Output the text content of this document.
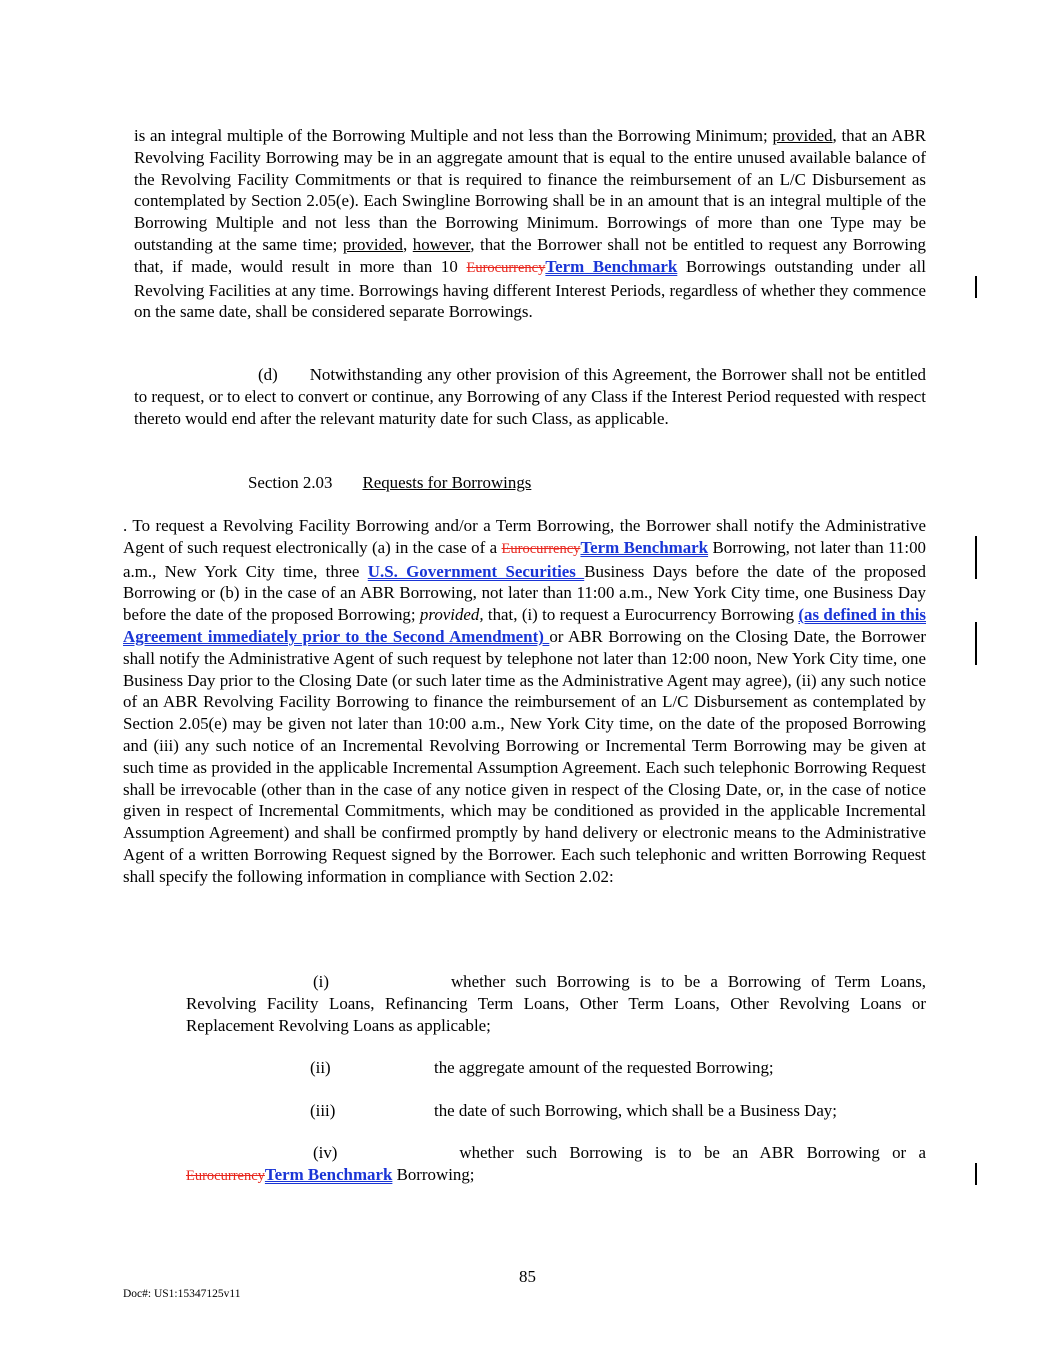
is an integral multiple of the Borrowing Multiple and not less than the Borrowing Minimum; provided, that an ABR Revolving Facility Borrowing may be in an aggregate amount that is equal to the entire unused available balance of the Revolving Facility Commitments or that is required to finance the reimbursement of an L/C Disbursement as contemplated by Section 2.05(e). Each Swingline Borrowing shall be in an amount that is an integral multiple of the Borrowing Multiple and not less than the Borrowing Minimum. Borrowings of more than one Type may be outstanding at the same time; provided, however, that the Borrower shall not be entitled to request any Borrowing that, if made, would result in more than 10 EurocurrencyTerm Benchmark Borrowings outstanding under all Revolving Facilities at any time. Borrowings having different Interest Periods, regardless of whether they commence on the same date, shall be considered separate Borrowings.
(d) Notwithstanding any other provision of this Agreement, the Borrower shall not be entitled to request, or to elect to convert or continue, any Borrowing of any Class if the Interest Period requested with respect thereto would end after the relevant maturity date for such Class, as applicable.
Section 2.03 Requests for Borrowings
. To request a Revolving Facility Borrowing and/or a Term Borrowing, the Borrower shall notify the Administrative Agent of such request electronically (a) in the case of a EurocurrencyTerm Benchmark Borrowing, not later than 11:00 a.m., New York City time, three U.S. Government Securities Business Days before the date of the proposed Borrowing or (b) in the case of an ABR Borrowing, not later than 11:00 a.m., New York City time, one Business Day before the date of the proposed Borrowing; provided, that, (i) to request a Eurocurrency Borrowing (as defined in this Agreement immediately prior to the Second Amendment) or ABR Borrowing on the Closing Date, the Borrower shall notify the Administrative Agent of such request by telephone not later than 12:00 noon, New York City time, one Business Day prior to the Closing Date (or such later time as the Administrative Agent may agree), (ii) any such notice of an ABR Revolving Facility Borrowing to finance the reimbursement of an L/C Disbursement as contemplated by Section 2.05(e) may be given not later than 10:00 a.m., New York City time, on the date of the proposed Borrowing and (iii) any such notice of an Incremental Revolving Borrowing or Incremental Term Borrowing may be given at such time as provided in the applicable Incremental Assumption Agreement. Each such telephonic Borrowing Request shall be irrevocable (other than in the case of any notice given in respect of the Closing Date, or, in the case of notice given in respect of Incremental Commitments, which may be conditioned as provided in the applicable Incremental Assumption Agreement) and shall be confirmed promptly by hand delivery or electronic means to the Administrative Agent of a written Borrowing Request signed by the Borrower. Each such telephonic and written Borrowing Request shall specify the following information in compliance with Section 2.02:
(i)	whether such Borrowing is to be a Borrowing of Term Loans, Revolving Facility Loans, Refinancing Term Loans, Other Term Loans, Other Revolving Loans or Replacement Revolving Loans as applicable;
(ii)	the aggregate amount of the requested Borrowing;
(iii)	the date of such Borrowing, which shall be a Business Day;
(iv)	whether such Borrowing is to be an ABR Borrowing or a EurocurrencyTerm Benchmark Borrowing;
85
Doc#: US1:15347125v11
